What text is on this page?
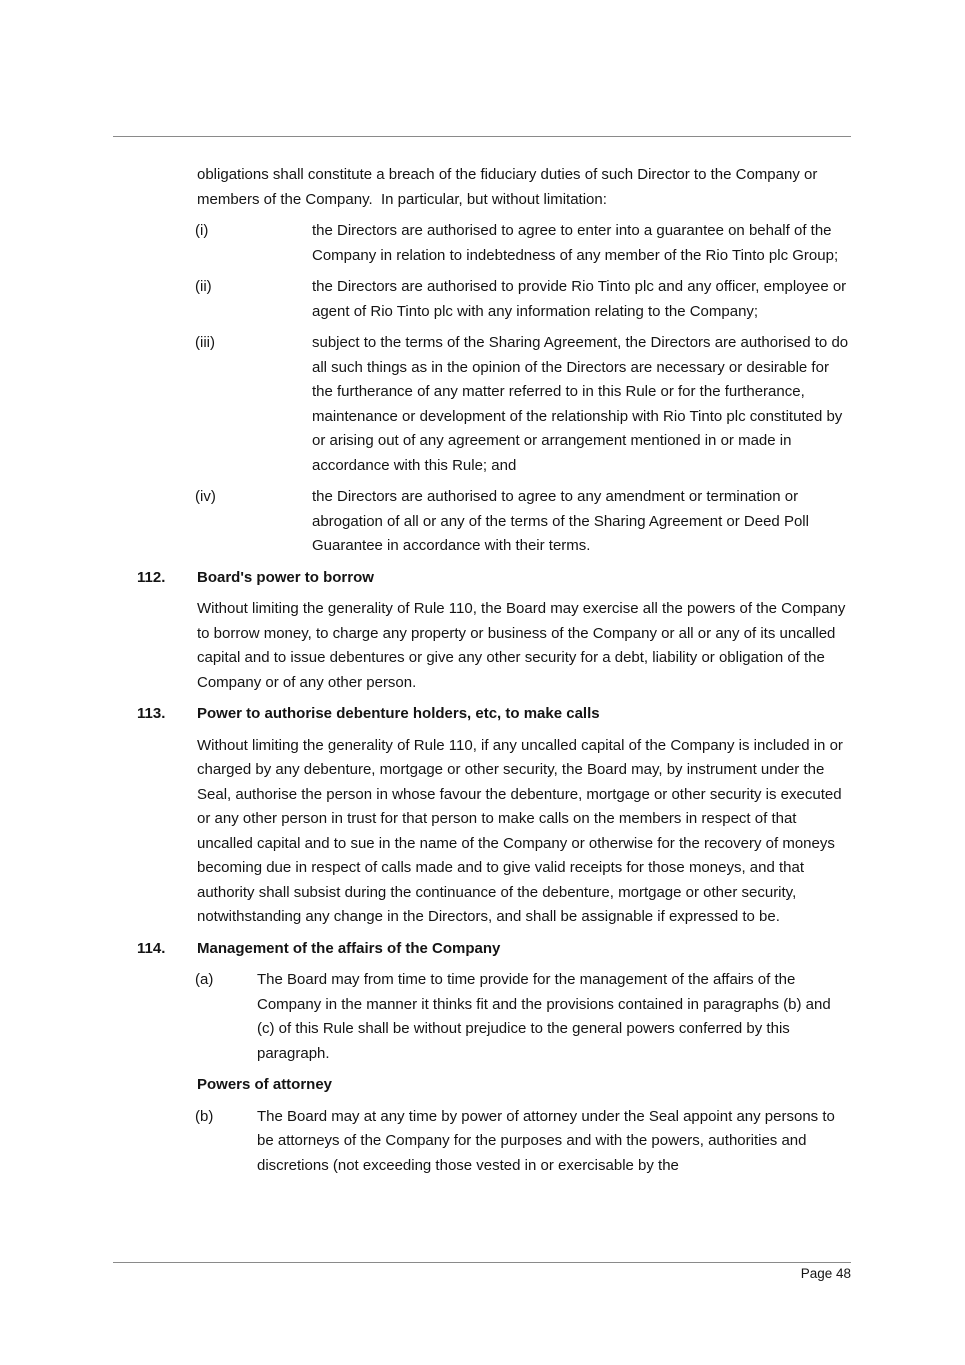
obligations shall constitute a breach of the fiduciary duties of such Director to the Company or members of the Company.  In particular, but without limitation:

(i)	the Directors are authorised to agree to enter into a guarantee on behalf of the Company in relation to indebtedness of any member of the Rio Tinto plc Group;
(ii)	the Directors are authorised to provide Rio Tinto plc and any officer, employee or agent of Rio Tinto plc with any information relating to the Company;
(iii)	subject to the terms of the Sharing Agreement, the Directors are authorised to do all such things as in the opinion of the Directors are necessary or desirable for the furtherance of any matter referred to in this Rule or for the furtherance, maintenance or development of the relationship with Rio Tinto plc constituted by or arising out of any agreement or arrangement mentioned in or made in accordance with this Rule; and
(iv)	the Directors are authorised to agree to any amendment or termination or abrogation of all or any of the terms of the Sharing Agreement or Deed Poll Guarantee in accordance with their terms.
112.	Board's power to borrow

Without limiting the generality of Rule 110, the Board may exercise all the powers of the Company to borrow money, to charge any property or business of the Company or all or any of its uncalled capital and to issue debentures or give any other security for a debt, liability or obligation of the Company or of any other person.

113.	Power to authorise debenture holders, etc, to make calls

Without limiting the generality of Rule 110, if any uncalled capital of the Company is included in or charged by any debenture, mortgage or other security, the Board may, by instrument under the Seal, authorise the person in whose favour the debenture, mortgage or other security is executed or any other person in trust for that person to make calls on the members in respect of that uncalled capital and to sue in the name of the Company or otherwise for the recovery of moneys becoming due in respect of calls made and to give valid receipts for those moneys, and that authority shall subsist during the continuance of the debenture, mortgage or other security, notwithstanding any change in the Directors, and shall be assignable if expressed to be.

114.	Management of the affairs of the Company
(a)	The Board may from time to time provide for the management of the affairs of the Company in the manner it thinks fit and the provisions contained in paragraphs (b) and (c) of this Rule shall be without prejudice to the general powers conferred by this paragraph.

Powers of attorney

(b)	The Board may at any time by power of attorney under the Seal appoint any persons to be attorneys of the Company for the purposes and with the powers, authorities and discretions (not exceeding those vested in or exercisable by the
Page 48
